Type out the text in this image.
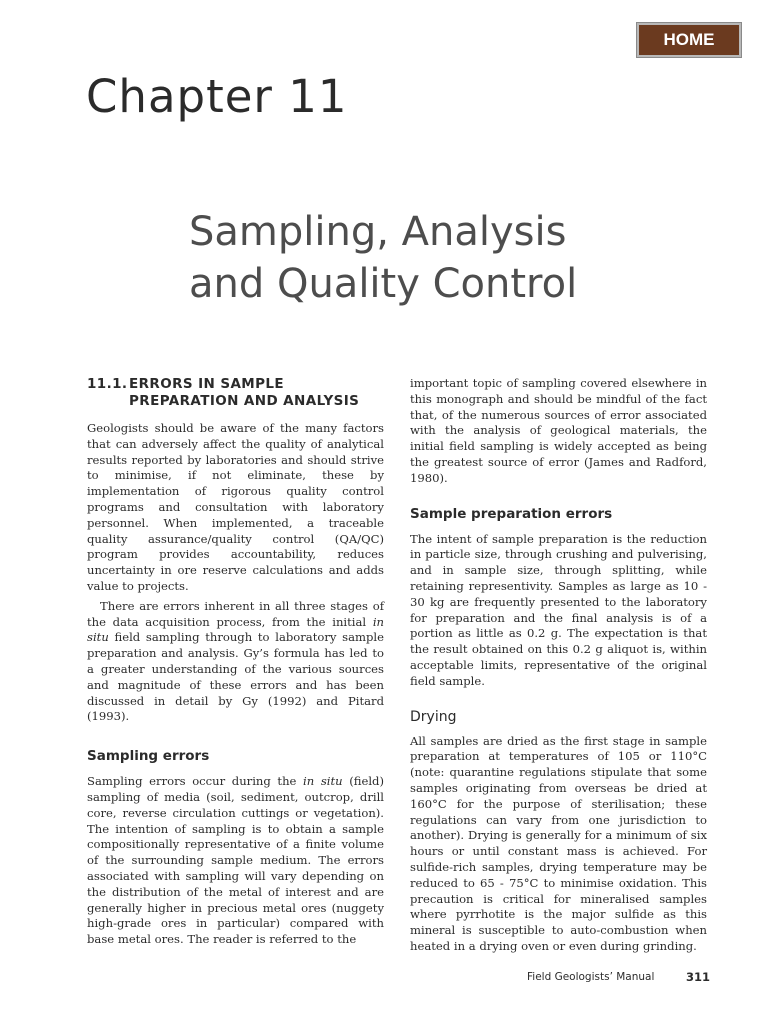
HOME
Chapter 11
Sampling, Analysis
and Quality Control
11.1. ERRORS IN SAMPLE
PREPARATION AND ANALYSIS

Geologists should be aware of the many factors that can adversely affect the quality of analytical results reported by laboratories and should strive to minimise, if not eliminate, these by implementation of rigorous quality control programs and consultation with laboratory personnel. When implemented, a traceable quality assurance/quality control (QA/QC) program provides accountability, reduces uncertainty in ore reserve calculations and adds value to projects.

There are errors inherent in all three stages of the data acquisition process, from the initial in situ field sampling through to laboratory sample preparation and analysis. Gy’s formula has led to a greater understanding of the various sources and magnitude of these errors and has been discussed in detail by Gy (1992) and Pitard (1993).

Sampling errors

Sampling errors occur during the in situ (field) sampling of media (soil, sediment, outcrop, drill core, reverse circulation cuttings or vegetation). The intention of sampling is to obtain a sample compositionally representative of a finite volume of the surrounding sample medium. The errors associated with sampling will vary depending on the distribution of the metal of interest and are generally higher in precious metal ores (nuggety high-grade ores in particular) compared with base metal ores. The reader is referred to the

important topic of sampling covered elsewhere in this monograph and should be mindful of the fact that, of the numerous sources of error associated with the analysis of geological materials, the initial field sampling is widely accepted as being the greatest source of error (James and Radford, 1980).

Sample preparation errors

The intent of sample preparation is the reduction in particle size, through crushing and pulverising, and in sample size, through splitting, while retaining representivity. Samples as large as 10 - 30 kg are frequently presented to the laboratory for preparation and the final analysis is of a portion as little as 0.2 g. The expectation is that the result obtained on this 0.2 g aliquot is, within acceptable limits, representative of the original field sample.

Drying

All samples are dried as the first stage in sample preparation at temperatures of 105 or 110°C (note: quarantine regulations stipulate that some samples originating from overseas be dried at 160°C for the purpose of sterilisation; these regulations can vary from one jurisdiction to another). Drying is generally for a minimum of six hours or until constant mass is achieved. For sulfide-rich samples, drying temperature may be reduced to 65 - 75°C to minimise oxidation. This precaution is critical for mineralised samples where pyrrhotite is the major sulfide as this mineral is susceptible to auto-combustion when heated in a drying oven or even during grinding.

Field Geologists’ Manual	311
